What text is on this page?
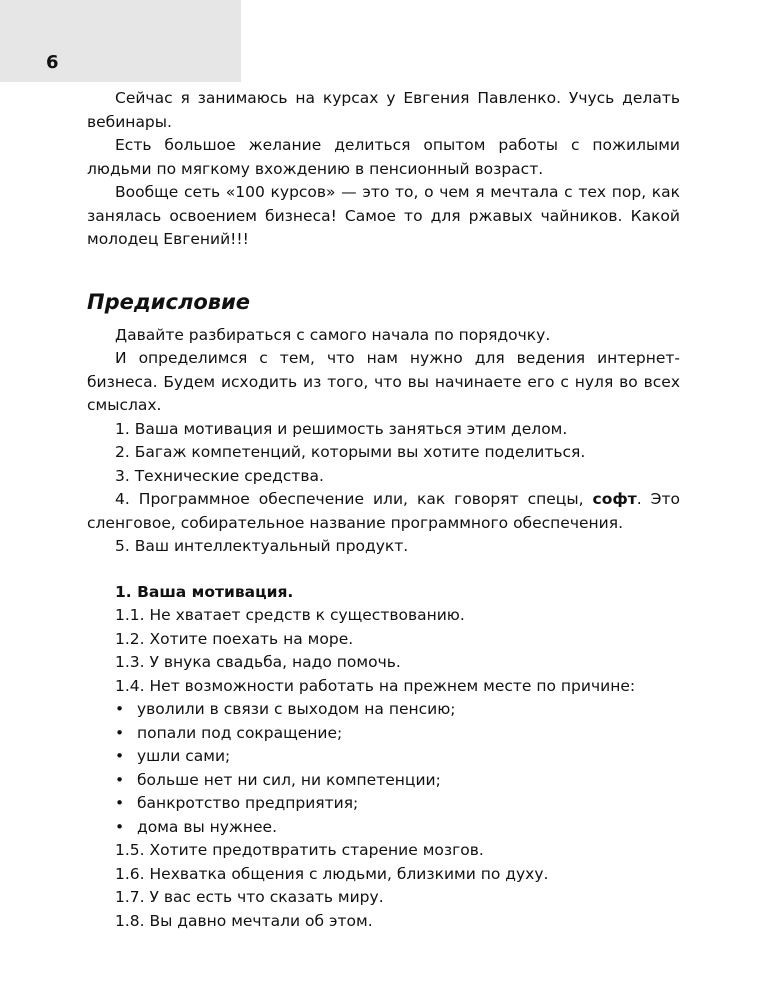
6

Сейчас я занимаюсь на курсах у Евгения Павленко. Учусь делать вебинары.

Есть большое желание делиться опытом работы с пожилыми людьми по мягкому вхождению в пенсионный возраст.

Вообще сеть «100 курсов» — это то, о чем я мечтала с тех пор, как занялась освоением бизнеса! Самое то для ржавых чайников. Какой молодец Евгений!!!

Предисловие

Давайте разбираться с самого начала по порядочку.

И определимся с тем, что нам нужно для ведения интернет-бизнеса. Будем исходить из того, что вы начинаете его с нуля во всех смыслах.

1. Ваша мотивация и решимость заняться этим делом.

2. Багаж компетенций, которыми вы хотите поделиться.

3. Технические средства.

4. Программное обеспечение или, как говорят спецы, софт. Это сленговое, собирательное название программного обеспечения.

5. Ваш интеллектуальный продукт.

1. Ваша мотивация.

1.1. Не хватает средств к существованию.

1.2. Хотите поехать на море.

1.3. У внука свадьба, надо помочь.

1.4. Нет возможности работать на прежнем месте по причине:

• уволили в связи с выходом на пенсию;
• попали под сокращение;
• ушли сами;
• больше нет ни сил, ни компетенции;
• банкротство предприятия;
• дома вы нужнее.

1.5. Хотите предотвратить старение мозгов.

1.6. Нехватка общения с людьми, близкими по духу.

1.7. У вас есть что сказать миру.

1.8. Вы давно мечтали об этом.
